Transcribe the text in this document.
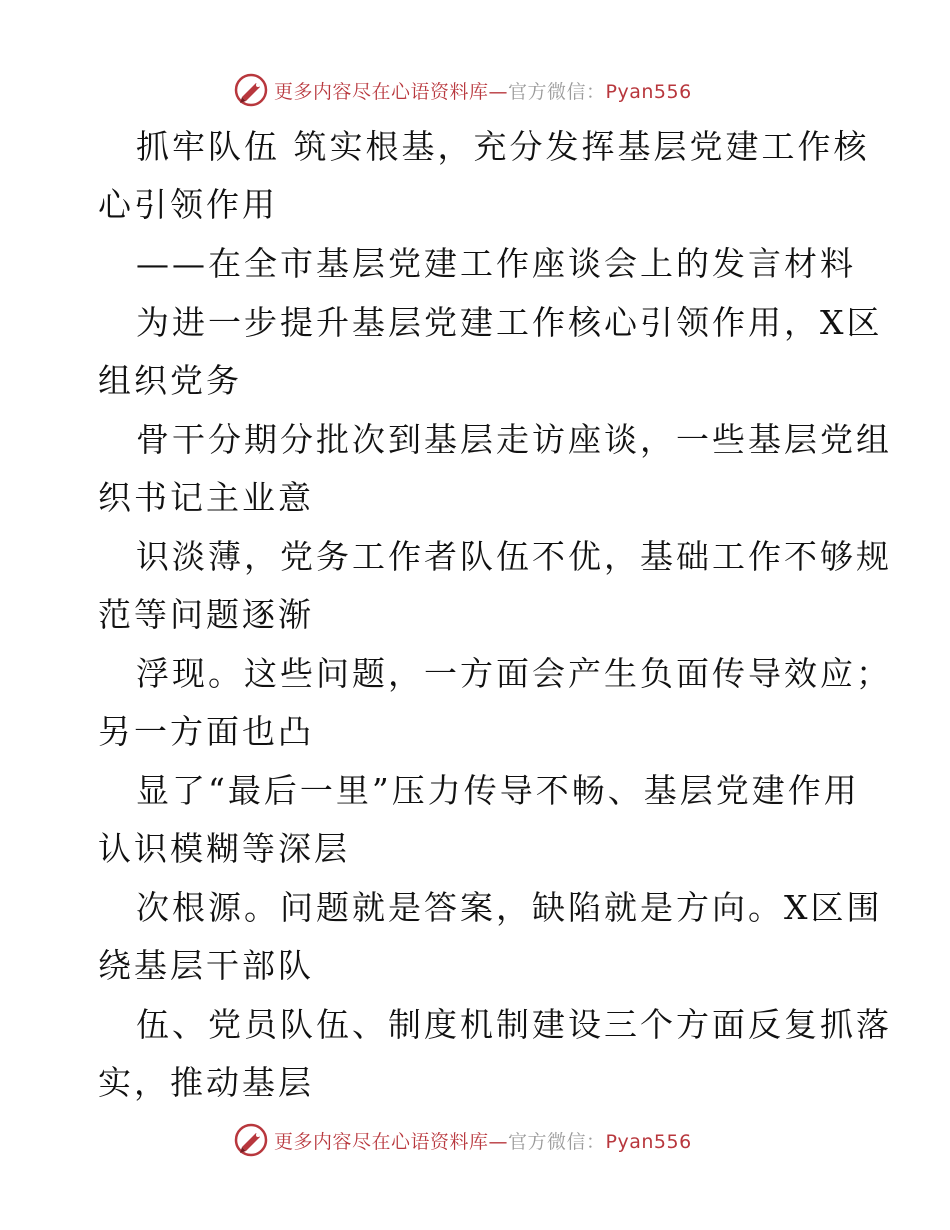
更多内容尽在心语资料库—官方微信：Pyan556
抓牢队伍 筑实根基，充分发挥基层党建工作核
心引领作用
——在全市基层党建工作座谈会上的发言材料
为进一步提升基层党建工作核心引领作用，X区
组织党务
骨干分期分批次到基层走访座谈，一些基层党组
织书记主业意
识淡薄，党务工作者队伍不优，基础工作不够规
范等问题逐渐
浮现。这些问题，一方面会产生负面传导效应；
另一方面也凸
显了“最后一里”压力传导不畅、基层党建作用
认识模糊等深层
次根源。问题就是答案，缺陷就是方向。X区围
绕基层干部队
伍、党员队伍、制度机制建设三个方面反复抓落
实，推动基层
更多内容尽在心语资料库—官方微信：Pyan556
